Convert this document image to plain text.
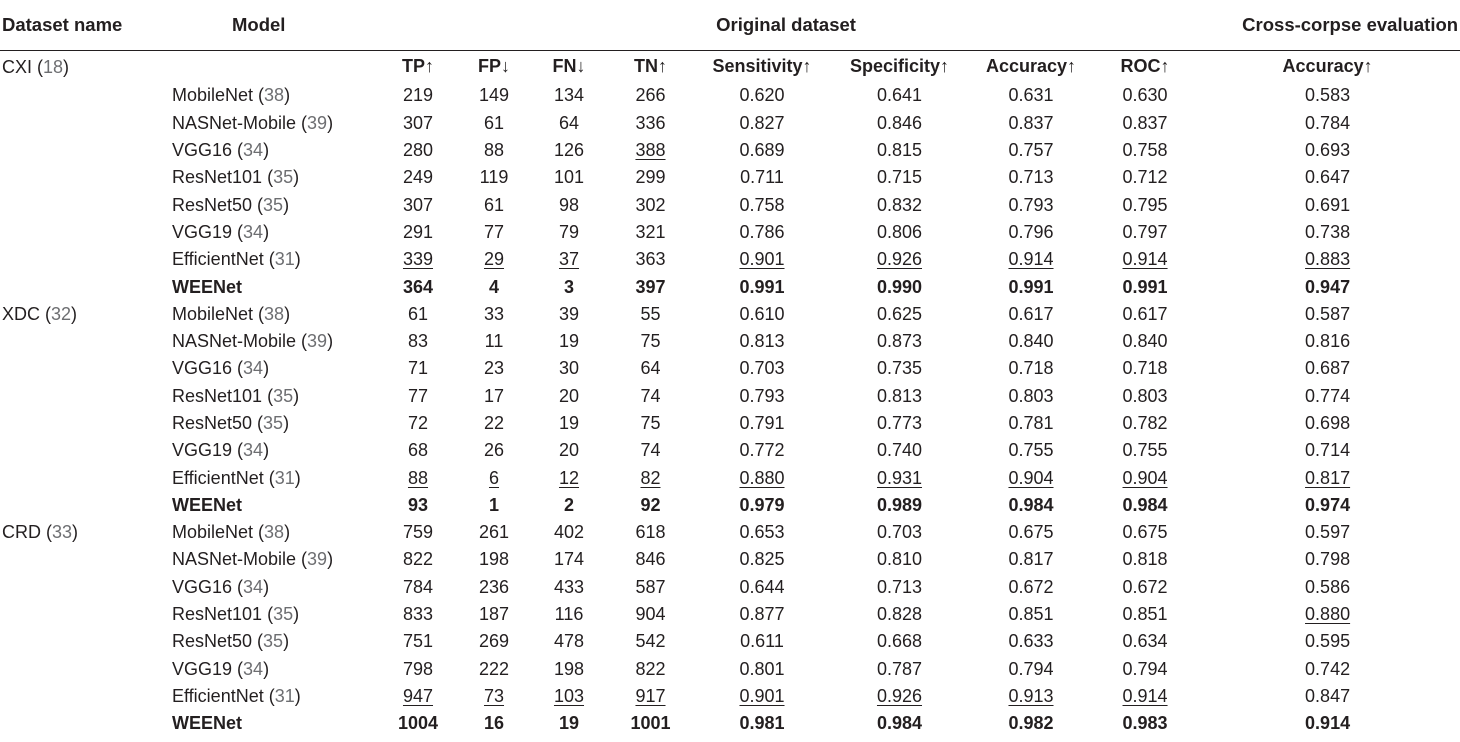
Dataset name	Model	Original dataset								Cross-corpse evaluation

CXI (18)		TP↑	FP↓	FN↓	TN↑	Sensitivity↑	Specificity↑	Accuracy↑	ROC↑	Accuracy↑
	MobileNet (38)	219	149	134	266	0.620	0.641	0.631	0.630	0.583
	NASNet-Mobile (39)	307	61	64	336	0.827	0.846	0.837	0.837	0.784
	VGG16 (34)	280	88	126	388	0.689	0.815	0.757	0.758	0.693
	ResNet101 (35)	249	119	101	299	0.711	0.715	0.713	0.712	0.647
	ResNet50 (35)	307	61	98	302	0.758	0.832	0.793	0.795	0.691
	VGG19 (34)	291	77	79	321	0.786	0.806	0.796	0.797	0.738
	EfficientNet (31)	339	29	37	363	0.901	0.926	0.914	0.914	0.883
	WEENet	364	4	3	397	0.991	0.990	0.991	0.991	0.947
XDC (32)	MobileNet (38)	61	33	39	55	0.610	0.625	0.617	0.617	0.587
	NASNet-Mobile (39)	83	11	19	75	0.813	0.873	0.840	0.840	0.816
	VGG16 (34)	71	23	30	64	0.703	0.735	0.718	0.718	0.687
	ResNet101 (35)	77	17	20	74	0.793	0.813	0.803	0.803	0.774
	ResNet50 (35)	72	22	19	75	0.791	0.773	0.781	0.782	0.698
	VGG19 (34)	68	26	20	74	0.772	0.740	0.755	0.755	0.714
	EfficientNet (31)	88	6	12	82	0.880	0.931	0.904	0.904	0.817
	WEENet	93	1	2	92	0.979	0.989	0.984	0.984	0.974
CRD (33)	MobileNet (38)	759	261	402	618	0.653	0.703	0.675	0.675	0.597
	NASNet-Mobile (39)	822	198	174	846	0.825	0.810	0.817	0.818	0.798
	VGG16 (34)	784	236	433	587	0.644	0.713	0.672	0.672	0.586
	ResNet101 (35)	833	187	116	904	0.877	0.828	0.851	0.851	0.880
	ResNet50 (35)	751	269	478	542	0.611	0.668	0.633	0.634	0.595
	VGG19 (34)	798	222	198	822	0.801	0.787	0.794	0.794	0.742
	EfficientNet (31)	947	73	103	917	0.901	0.926	0.913	0.914	0.847
	WEENet	1004	16	19	1001	0.981	0.984	0.982	0.983	0.914
